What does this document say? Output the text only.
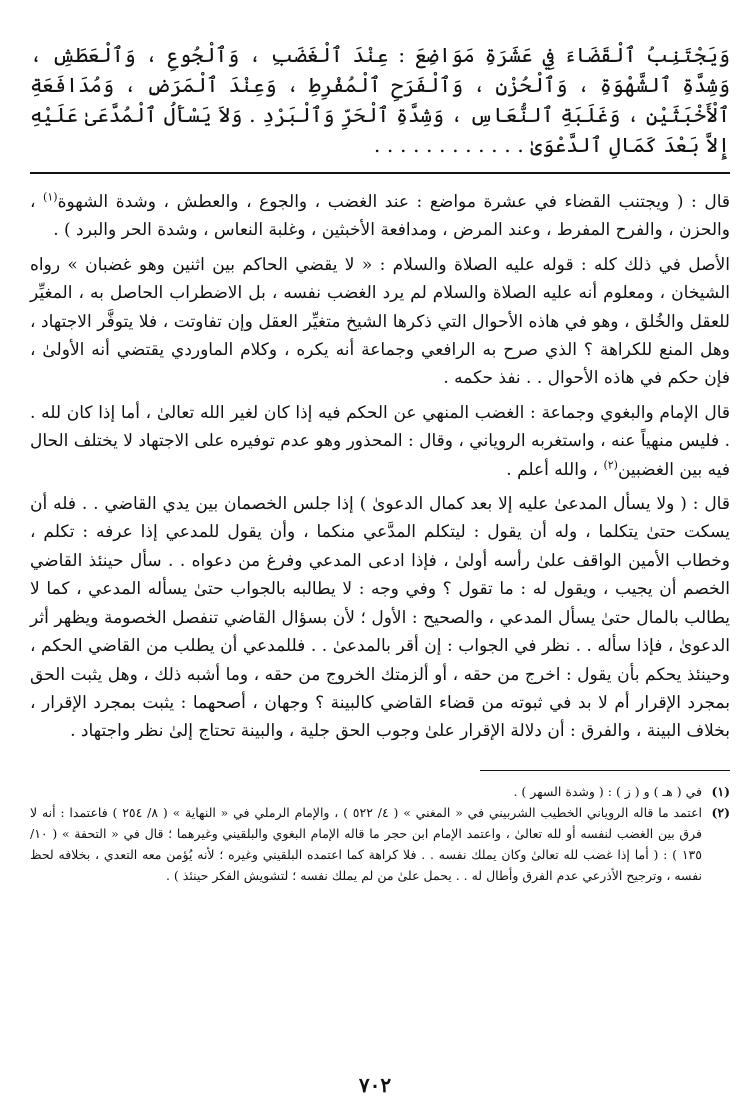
وَيَجْتَنِبُ ٱلْقَضَاءَ فِي عَشَرَةِ مَوَاضِعَ : عِنْدَ ٱلْغَضَبِ ، وَٱلْجُوعِ ، وَٱلْعَطَشِ ، وَشِدَّةِ ٱلشَّهْوَةِ ، وَٱلْحُزْنِ ، وَٱلْفَرَحِ ٱلْمُفْرِطِ ، وَعِنْدَ ٱلْمَرَضِ ، وَمُدَافَعَةِ ٱلْأَخْبَثَيْنِ ، وَغَلَبَةِ ٱلنُّعَاسِ ، وَشِدَّةِ ٱلْحَرِّ وَٱلْبَرْدِ . وَلاَ يَسْأَلُ ٱلْمُدَّعَىٰ عَلَيْهِ إِلاَّ بَعْدَ كَمَالِ ٱلدَّعْوَىٰ . . . . . . . . . . . .

قال : ( ويجتنب القضاء في عشرة مواضع : عند الغضب ، والجوع ، والعطش ، وشدة الشهوة$^{(١)}$ ، والحزن ، والفرح المفرط ، وعند المرض ، ومدافعة الأخبثين ، وغلبة النعاس ، وشدة الحر والبرد ) .

الأصل في ذلك كله : قوله عليه الصلاة والسلام : « لا يقضي الحاكم بين اثنين وهو غضبان » رواه الشيخان ، ومعلوم أنه عليه الصلاة والسلام لم يرد الغضب نفسه ، بل الاضطراب الحاصل به ، المغيِّر للعقل والخُلق ، وهو في هاذه الأحوال التي ذكرها الشيخ متغيِّر العقل وإن تفاوتت ، فلا يتوفَّر الاجتهاد ، وهل المنع للكراهة ؟ الذي صرح به الرافعي وجماعة أنه يكره ، وكلام الماوردي يقتضي أنه الأولىٰ ، فإن حكم في هاذه الأحوال . . نفذ حكمه .

قال الإمام والبغوي وجماعة : الغضب المنهي عن الحكم فيه إذا كان لغير الله تعالىٰ ، أما إذا كان لله . . فليس منهياً عنه ، واستغربه الروياني ، وقال : المحذور وهو عدم توفيره على الاجتهاد لا يختلف الحال فيه بين الغضبين$^{(٢)}$ ، والله أعلم .

قال : ( ولا يسأل المدعىٰ عليه إلا بعد كمال الدعوىٰ ) إذا جلس الخصمان بين يدي القاضي . . فله أن يسكت حتىٰ يتكلما ، وله أن يقول : ليتكلم المدَّعي منكما ، وأن يقول للمدعي إذا عرفه : تكلم ، وخطاب الأمين الواقف علىٰ رأسه أولىٰ ، فإذا ادعى المدعي وفرغ من دعواه . . سأل حينئذ القاضي الخصم أن يجيب ، ويقول له : ما تقول ؟ وفي وجه : لا يطالبه بالجواب حتىٰ يسأله المدعي ، كما لا يطالب بالمال حتىٰ يسأل المدعي ، والصحيح : الأول ؛ لأن بسؤال القاضي تنفصل الخصومة ويظهر أثر الدعوىٰ ، فإذا سأله . . نظر في الجواب : إن أقر بالمدعىٰ . . فللمدعي أن يطلب من القاضي الحكم ، وحينئذ يحكم بأن يقول : اخرج من حقه ، أو ألزمتك الخروج من حقه ، وما أشبه ذلك ، وهل يثبت الحق بمجرد الإقرار أم لا بد في ثبوته من قضاء القاضي كالبينة ؟ وجهان ، أصحهما : يثبت بمجرد الإقرار ، بخلاف البينة ، والفرق : أن دلالة الإقرار علىٰ وجوب الحق جلية ، والبينة تحتاج إلىٰ نظر واجتهاد .

(١)
في ( هـ ) و ( ز ) : ( وشدة السهر ) .
(٢)
اعتمد ما قاله الروياني الخطيب الشربيني في « المغني » ( ٤/ ٥٢٢ ) ، والإمام الرملي في « النهاية » ( ٨/ ٢٥٤ ) فاعتمدا : أنه لا فرق بين الغضب لنفسه أو لله تعالىٰ ، واعتمد الإمام ابن حجر ما قاله الإمام البغوي والبلقيني وغيرهما ؛ قال في « التحفة » ( ١٠/ ١٣٥ ) : ( أما إذا غضب لله تعالىٰ وكان يملك نفسه . . فلا كراهة كما اعتمده البلقيني وغيره ؛ لأنه يُؤمن معه التعدي ، بخلافه لحظ نفسه ، وترجيح الأذرعي عدم الفرق وأطال له . . يحمل علىٰ من لم يملك نفسه ؛ لتشويش الفكر حينئذ ) .
٧٠٢
